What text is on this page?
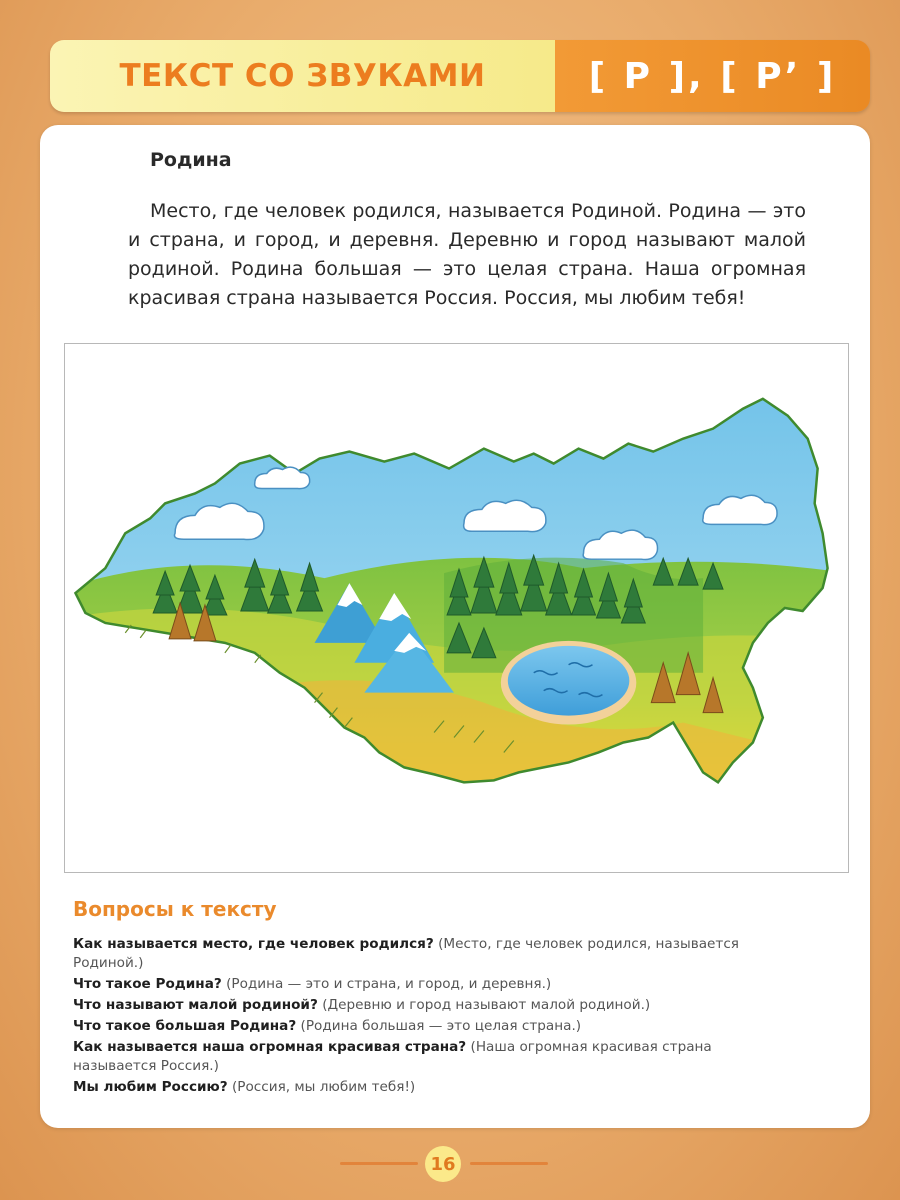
ТЕКСТ СО ЗВУКАМИ	[ Р ], [ Р’ ]
Родина

Место, где человек родился, называется Родиной. Родина — это и страна, и город, и деревня. Деревню и город называют малой родиной. Родина большая — это целая страна. Наша огромная красивая страна называется Россия. Россия, мы любим тебя!

Вопросы к тексту

Как называется место, где человек родился? (Место, где человек родился, называется Родиной.)

Что такое Родина? (Родина — это и страна, и город, и деревня.)

Что называют малой родиной? (Деревню и город называют малой родиной.)

Что такое большая Родина? (Родина большая — это целая страна.)

Как называется наша огромная красивая страна? (Наша огромная красивая страна называется Россия.)

Мы любим Россию? (Россия, мы любим тебя!)

16
